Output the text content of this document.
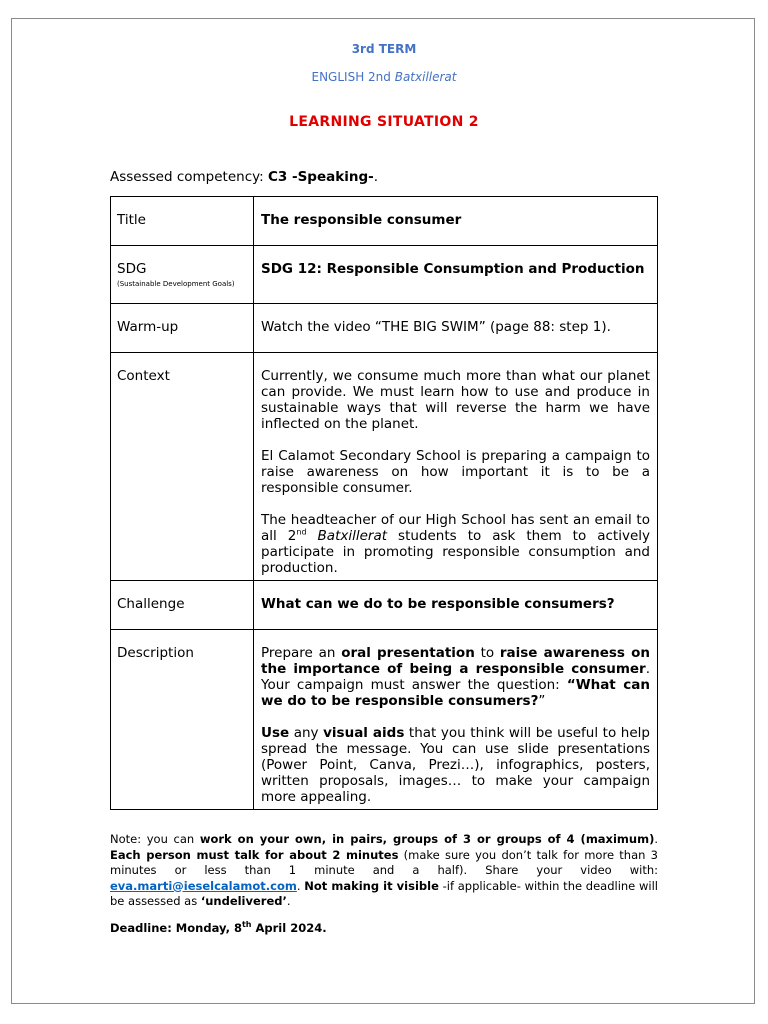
3rd TERM
ENGLISH 2nd Batxillerat
LEARNING SITUATION 2
Assessed competency: C3 -Speaking-.
Title	The responsible consumer
SDG
(Sustainable Development Goals)	SDG 12: Responsible Consumption and Production
Warm-up	Watch the video “THE BIG SWIM” (page 88: step 1).
Context	Currently, we consume much more than what our planet can provide. We must learn how to use and produce in sustainable ways that will reverse the harm we have inflected on the planet.

El Calamot Secondary School is preparing a campaign to raise awareness on how important it is to be a responsible consumer.

The headteacher of our High School has sent an email to all 2nd Batxillerat students to ask them to actively participate in promoting responsible consumption and production.

Challenge	What can we do to be responsible consumers?
Description	Prepare an oral presentation to raise awareness on the importance of being a responsible consumer. Your campaign must answer the question: “What can we do to be responsible consumers?”

Use any visual aids that you think will be useful to help spread the message. You can use slide presentations (Power Point, Canva, Prezi…), infographics, posters, written proposals, images… to make your campaign more appealing.

Note: you can work on your own, in pairs, groups of 3 or groups of 4 (maximum). Each person must talk for about 2 minutes (make sure you don’t talk for more than 3 minutes or less than 1 minute and a half). Share your video with: eva.marti@ieselcalamot.com. Not making it visible -if applicable- within the deadline will be assessed as ‘undelivered’.
Deadline: Monday, 8th April 2024.
